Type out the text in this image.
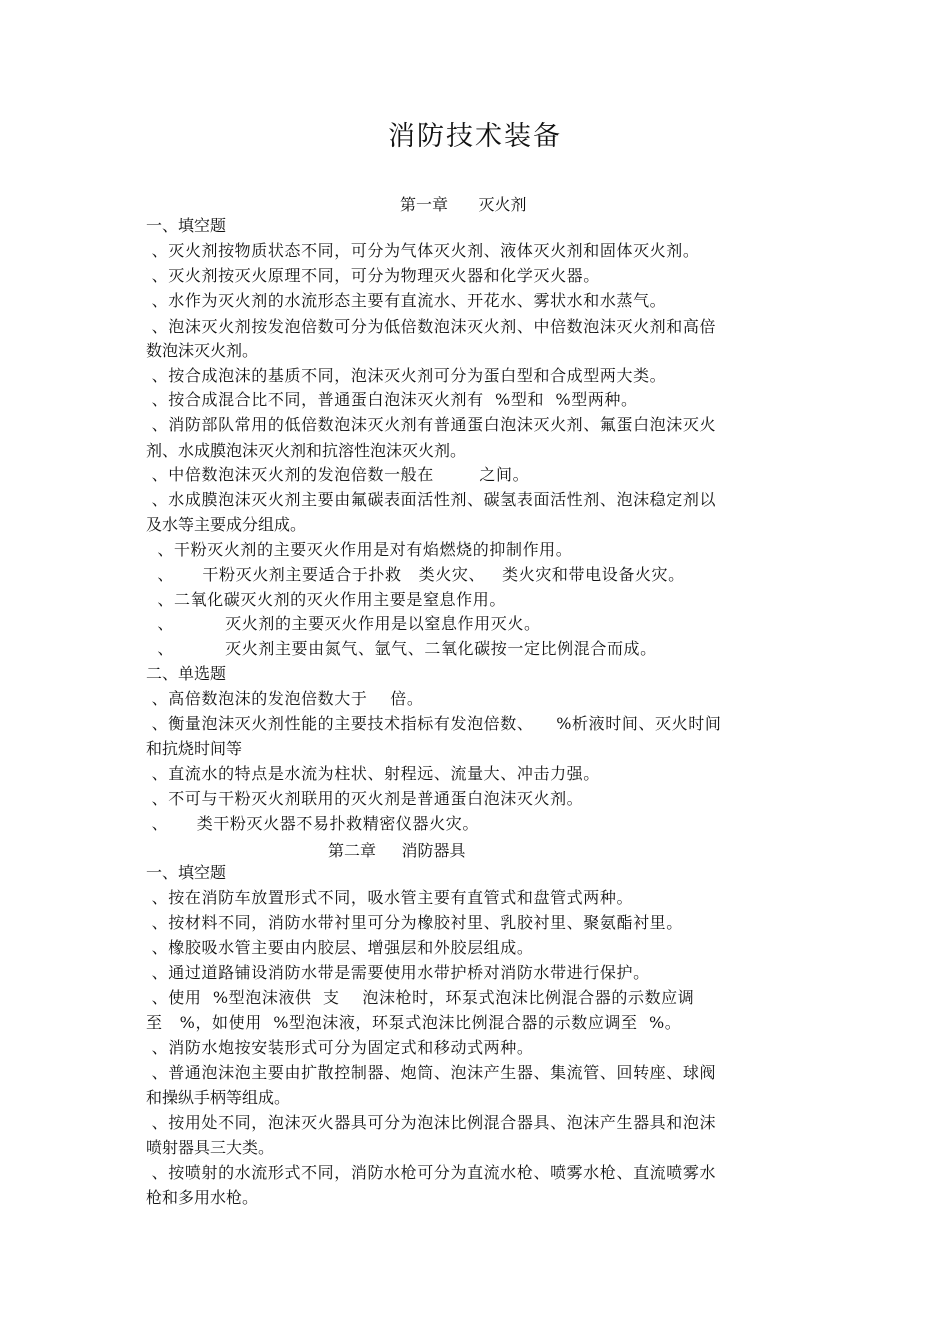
消防技术装备
第一章 灭火剂
第二章 消防器具
一、填空题
、灭火剂按物质状态不同，可分为气体灭火剂、液体灭火剂和固体灭火剂。
、灭火剂按灭火原理不同，可分为物理灭火器和化学灭火器。
、水作为灭火剂的水流形态主要有直流水、开花水、雾状水和水蒸气。
、泡沫灭火剂按发泡倍数可分为低倍数泡沫灭火剂、中倍数泡沫灭火剂和高倍
数泡沫灭火剂。
、按合成泡沫的基质不同，泡沫灭火剂可分为蛋白型和合成型两大类。
、按合成混合比不同，普通蛋白泡沫灭火剂有  %型和  %型两种。
、消防部队常用的低倍数泡沫灭火剂有普通蛋白泡沫灭火剂、氟蛋白泡沫灭火
剂、水成膜泡沫灭火剂和抗溶性泡沫灭火剂。
、中倍数泡沫灭火剂的发泡倍数一般在        之间。
、水成膜泡沫灭火剂主要由氟碳表面活性剂、碳氢表面活性剂、泡沫稳定剂以
及水等主要成分组成。
、干粉灭火剂的主要灭火作用是对有焰燃烧的抑制作用。
、     干粉灭火剂主要适合于扑救   类火灾、   类火灾和带电设备火灾。
、二氧化碳灭火剂的灭火作用主要是窒息作用。
、         灭火剂的主要灭火作用是以窒息作用灭火。
、         灭火剂主要由氮气、氩气、二氧化碳按一定比例混合而成。
二、单选题
、高倍数泡沫的发泡倍数大于    倍。
、衡量泡沫灭火剂性能的主要技术指标有发泡倍数、    %析液时间、灭火时间
和抗烧时间等
、直流水的特点是水流为柱状、射程远、流量大、冲击力强。
、不可与干粉灭火剂联用的灭火剂是普通蛋白泡沫灭火剂。
、     类干粉灭火器不易扑救精密仪器火灾。
一、填空题
、按在消防车放置形式不同，吸水管主要有直管式和盘管式两种。
、按材料不同，消防水带衬里可分为橡胶衬里、乳胶衬里、聚氨酯衬里。
、橡胶吸水管主要由内胶层、增强层和外胶层组成。
、通过道路铺设消防水带是需要使用水带护桥对消防水带进行保护。
、使用  %型泡沫液供  支    泡沫枪时，环泵式泡沫比例混合器的示数应调
至   %，如使用  %型泡沫液，环泵式泡沫比例混合器的示数应调至  %。
、消防水炮按安装形式可分为固定式和移动式两种。
、普通泡沫泡主要由扩散控制器、炮筒、泡沫产生器、集流管、回转座、球阀
和操纵手柄等组成。
、按用处不同，泡沫灭火器具可分为泡沫比例混合器具、泡沫产生器具和泡沫
喷射器具三大类。
、按喷射的水流形式不同，消防水枪可分为直流水枪、喷雾水枪、直流喷雾水
枪和多用水枪。
